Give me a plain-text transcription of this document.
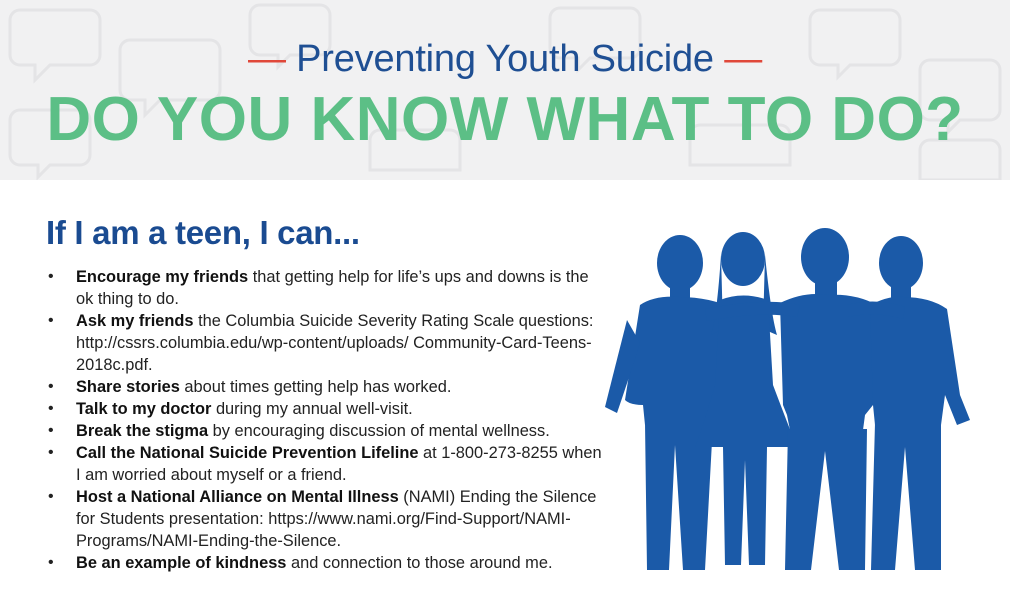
— Preventing Youth Suicide —
DO YOU KNOW WHAT TO DO?
If I am a teen, I can...
• Encourage my friends that getting help for life’s ups and downs is the ok thing to do.
• Ask my friends the Columbia Suicide Severity Rating Scale questions: http://cssrs.columbia.edu/wp-content/uploads/ Community-Card-Teens-2018c.pdf.
• Share stories about times getting help has worked.
• Talk to my doctor during my annual well-visit.
• Break the stigma by encouraging discussion of mental wellness.
• Call the National Suicide Prevention Lifeline at 1-800-273-8255 when I am worried about myself or a friend.
• Host a National Alliance on Mental Illness (NAMI) Ending the Silence for Students presentation: https://www.nami.org/Find-Support/NAMI-Programs/NAMI-Ending-the-Silence.
• Be an example of kindness and connection to those around me.
